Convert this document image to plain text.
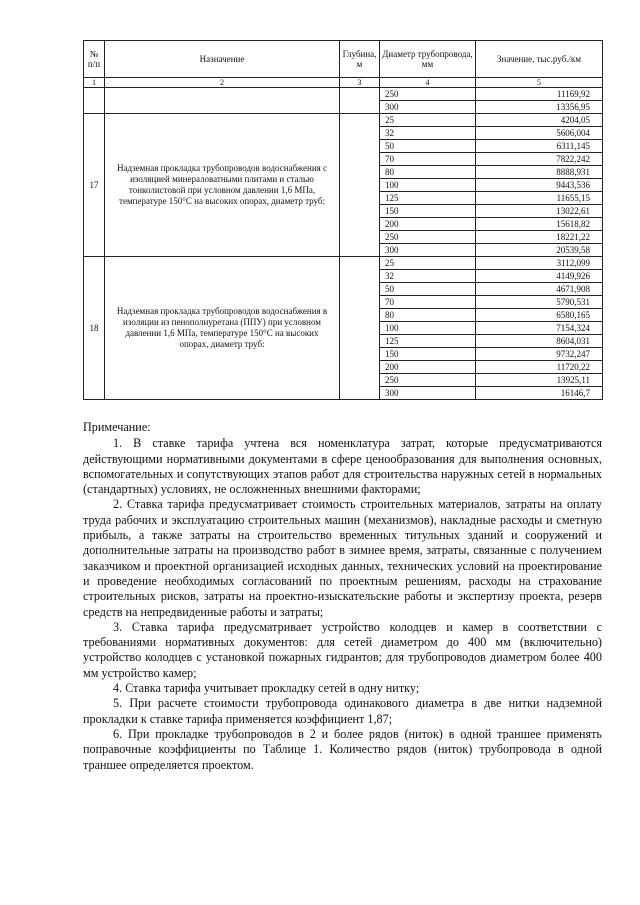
№ п/п	Назначение	Глубина, м	Диаметр трубопровода, мм	Значение, тыс.руб./км
1	2	3	4	5
			250	11169,92
			300	13356,95
17	Надземная прокладка трубопроводов водоснабжения с изоляцией минераловатными плитами и сталью тонколистовой при условном давлении 1,6 МПа, температуре 150°С на высоких опорах, диаметр труб:		25	4204,05
			32	5606,004
			50	6311,145
			70	7822,242
			80	8888,931
			100	9443,536
			125	11655,15
			150	13022,61
			200	15618,82
			250	18221,22
			300	20539,58
18	Надземная прокладка трубопроводов водоснабжения в изоляции из пенополиуретана (ППУ) при условном давлении 1,6 МПа, температуре 150°С на высоких опорах, диаметр труб:		25	3112,099
			32	4149,926
			50	4671,908
			70	5790,531
			80	6580,165
			100	7154,324
			125	8604,031
			150	9732,247
			200	11720,22
			250	13925,11
			300	16146,7
Примечание:

1. В ставке тарифа учтена вся номенклатура затрат, которые предусматриваются действующими нормативными документами в сфере ценообразования для выполнения основных, вспомогательных и сопутствующих этапов работ для строительства наружных сетей в нормальных (стандартных) условиях, не осложненных внешними факторами;

2. Ставка тарифа предусматривает стоимость строительных материалов, затраты на оплату труда рабочих и эксплуатацию строительных машин (механизмов), накладные расходы и сметную прибыль, а также затраты на строительство временных титульных зданий и сооружений и дополнительные затраты на производство работ в зимнее время, затраты, связанные с получением заказчиком и проектной организацией исходных данных, технических условий на проектирование и проведение необходимых согласований по проектным решениям, расходы на страхование строительных рисков, затраты на проектно-изыскательские работы и экспертизу проекта, резерв средств на непредвиденные работы и затраты;

3. Ставка тарифа предусматривает устройство колодцев и камер в соответствии с требованиями нормативных документов: для сетей диаметром до 400 мм (включительно) устройство колодцев с установкой пожарных гидрантов; для трубопроводов диаметром более 400 мм устройство камер;

4. Ставка тарифа учитывает прокладку сетей в одну нитку;

5. При расчете стоимости трубопровода одинакового диаметра в две нитки надземной прокладки к ставке тарифа применяется коэффициент 1,87;

6. При прокладке трубопроводов в 2 и более рядов (ниток) в одной траншее применять поправочные коэффициенты по Таблице 1. Количество рядов (ниток) трубопровода в одной траншее определяется проектом.
